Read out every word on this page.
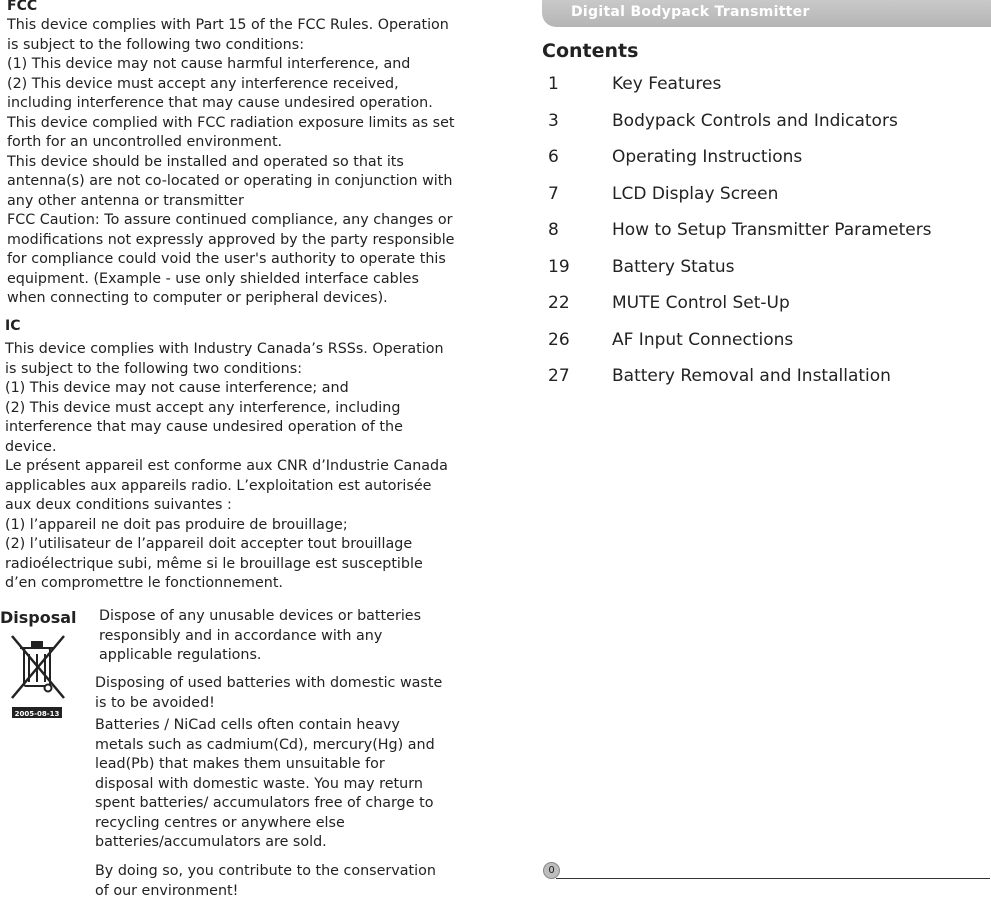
FCC

This device complies with Part 15 of the FCC Rules. Operation

is subject to the following two conditions:

(1) This device may not cause harmful interference, and

(2) This device must accept any interference received,

including interference that may cause undesired operation.

This device complied with FCC radiation exposure limits as set

forth for an uncontrolled environment.

This device should be installed and operated so that its

antenna(s) are not co-located or operating in conjunction with

any other antenna or transmitter

FCC Caution: To assure continued compliance, any changes or

modifications not expressly approved by the party responsible

for compliance could void the user's authority to operate this

equipment. (Example - use only shielded interface cables

when connecting to computer or peripheral devices).

IC

This device complies with Industry Canada’s RSSs. Operation

is subject to the following two conditions:

(1) This device may not cause interference; and

(2) This device must accept any interference, including

interference that may cause undesired operation of the

device.

Le présent appareil est conforme aux CNR d’Industrie Canada

applicables aux appareils radio. L’exploitation est autorisée

aux deux conditions suivantes :

(1) l’appareil ne doit pas produire de brouillage;

(2) l’utilisateur de l’appareil doit accepter tout brouillage

radioélectrique subi, même si le brouillage est susceptible

d’en compromettre le fonctionnement.

Disposal
2005-08-13

Dispose of any unusable devices or batteries

responsibly and in accordance with any

applicable regulations.

Disposing of used batteries with domestic waste

is to be avoided!

Batteries / NiCad cells often contain heavy

metals such as cadmium(Cd), mercury(Hg) and

lead(Pb) that makes them unsuitable for

disposal with domestic waste. You may return

spent batteries/ accumulators free of charge to

recycling centres or anywhere else

batteries/accumulators are sold.

By doing so, you contribute to the conservation

of our environment!

Digital Bodypack Transmitter
Contents
1	Key Features
3	Bodypack Controls and Indicators
6	Operating Instructions
7	LCD Display Screen
8	How to Setup Transmitter Parameters
19 Battery Status
22 MUTE Control Set-Up
26 AF Input Connections
27 Battery Removal and Installation
0
